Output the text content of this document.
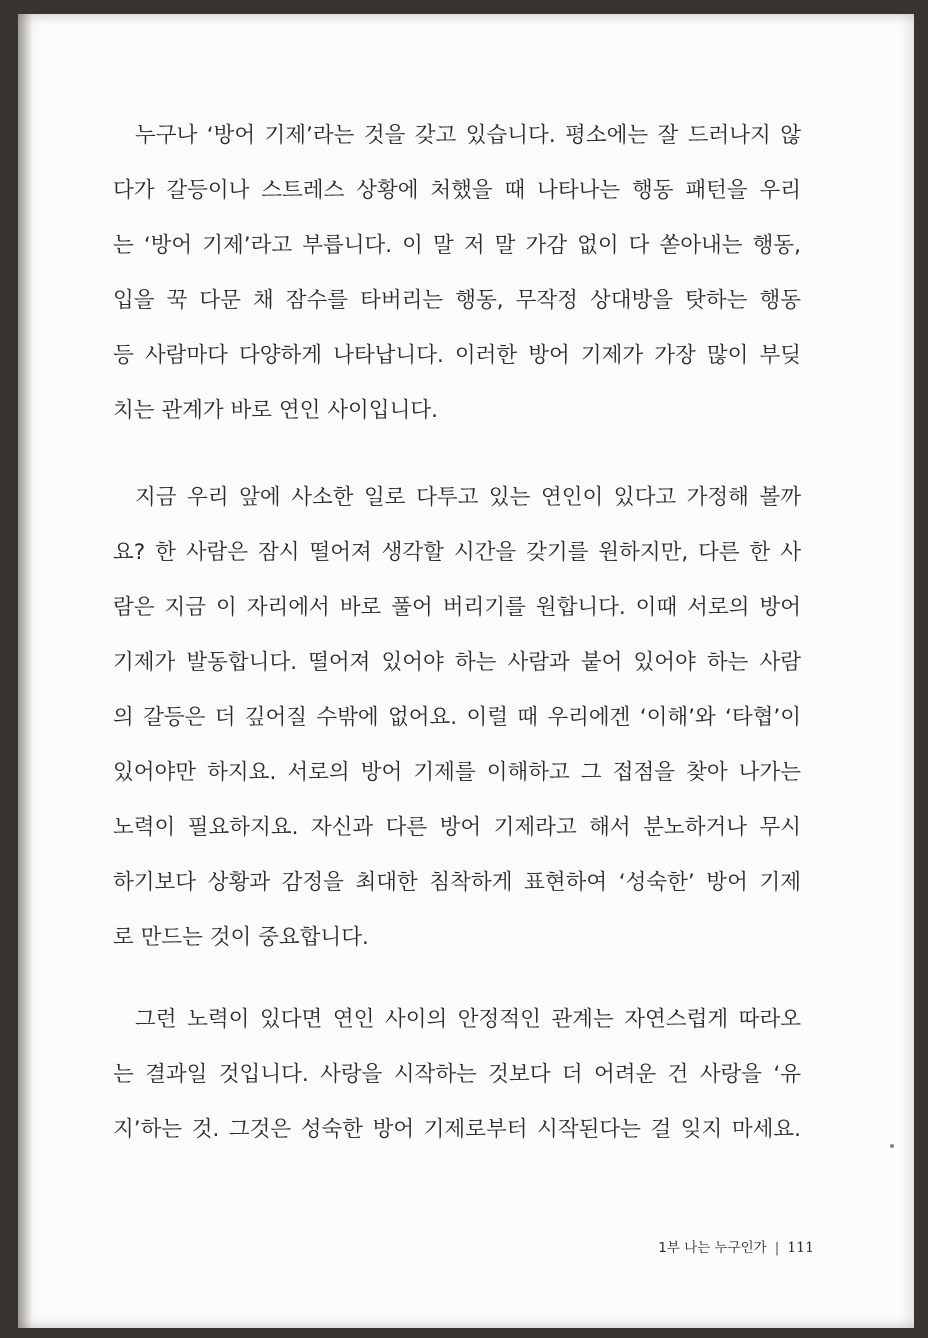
누구나 ‘방어 기제’라는 것을 갖고 있습니다. 평소에는 잘 드러나지 않
다가 갈등이나 스트레스 상황에 처했을 때 나타나는 행동 패턴을 우리
는 ‘방어 기제’라고 부릅니다. 이 말 저 말 가감 없이 다 쏟아내는 행동,
입을 꾹 다문 채 잠수를 타버리는 행동, 무작정 상대방을 탓하는 행동
등 사람마다 다양하게 나타납니다. 이러한 방어 기제가 가장 많이 부딪
치는 관계가 바로 연인 사이입니다.
지금 우리 앞에 사소한 일로 다투고 있는 연인이 있다고 가정해 볼까
요? 한 사람은 잠시 떨어져 생각할 시간을 갖기를 원하지만, 다른 한 사
람은 지금 이 자리에서 바로 풀어 버리기를 원합니다. 이때 서로의 방어
기제가 발동합니다. 떨어져 있어야 하는 사람과 붙어 있어야 하는 사람
의 갈등은 더 깊어질 수밖에 없어요. 이럴 때 우리에겐 ‘이해’와 ‘타협’이
있어야만 하지요. 서로의 방어 기제를 이해하고 그 접점을 찾아 나가는
노력이 필요하지요. 자신과 다른 방어 기제라고 해서 분노하거나 무시
하기보다 상황과 감정을 최대한 침착하게 표현하여 ‘성숙한’ 방어 기제
로 만드는 것이 중요합니다.
그런 노력이 있다면 연인 사이의 안정적인 관계는 자연스럽게 따라오
는 결과일 것입니다. 사랑을 시작하는 것보다 더 어려운 건 사랑을 ‘유
지’하는 것. 그것은 성숙한 방어 기제로부터 시작된다는 걸 잊지 마세요.
1부 나는 누구인가 | 111
